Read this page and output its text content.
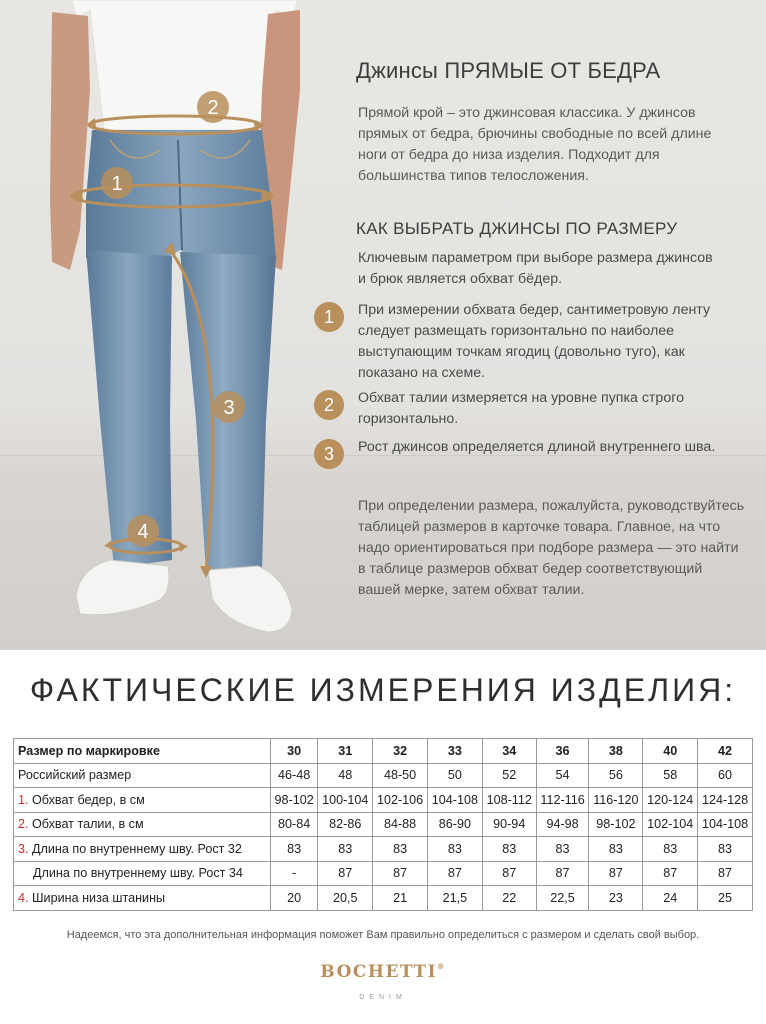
2
1
3
4
Джинсы ПРЯМЫЕ ОТ БЕДРА
Прямой крой – это джинсовая классика. У джинсов прямых от бедра, брючины свободные по всей длине ноги от бедра до низа изделия. Подходит для большинства типов телосложения.
КАК ВЫБРАТЬ ДЖИНСЫ ПО РАЗМЕРУ
Ключевым параметром при выборе размера джинсов и брюк является обхват бёдер.
1	При измерении обхвата бедер, сантиметровую ленту следует размещать горизонтально по наиболее выступающим точкам ягодиц (довольно туго), как показано на схеме.
2	Обхват талии измеряется на уровне пупка строго горизонтально.
3	Рост джинсов определяется длиной внутреннего шва.
При определении размера, пожалуйста, руководствуйтесь таблицей размеров в карточке товара. Главное, на что надо ориентироваться при подборе размера — это найти в таблице размеров обхват бедер соответствующий вашей мерке, затем обхват талии.
ФАКТИЧЕСКИЕ ИЗМЕРЕНИЯ ИЗДЕЛИЯ:
Размер по маркировке	30	31	32	33	34	36	38	40	42
Российский размер	46-48	48	48-50	50	52	54	56	58	60
1. Обхват бедер, в см	98-102	100-104	102-106	104-108	108-112	112-116	116-120	120-124	124-128
2. Обхват талии, в см	80-84	82-86	84-88	86-90	90-94	94-98	98-102	102-104	104-108
3. Длина по внутреннему шву. Рост 32	83	83	83	83	83	83	83	83	83
Длина по внутреннему шву. Рост 34	-	87	87	87	87	87	87	87	87
4. Ширина низа штанины	20	20,5	21	21,5	22	22,5	23	24	25
Надеемся, что эта дополнительная информация поможет Вам правильно определиться с размером и сделать свой выбор.
BOCHETTI®
DENIM
